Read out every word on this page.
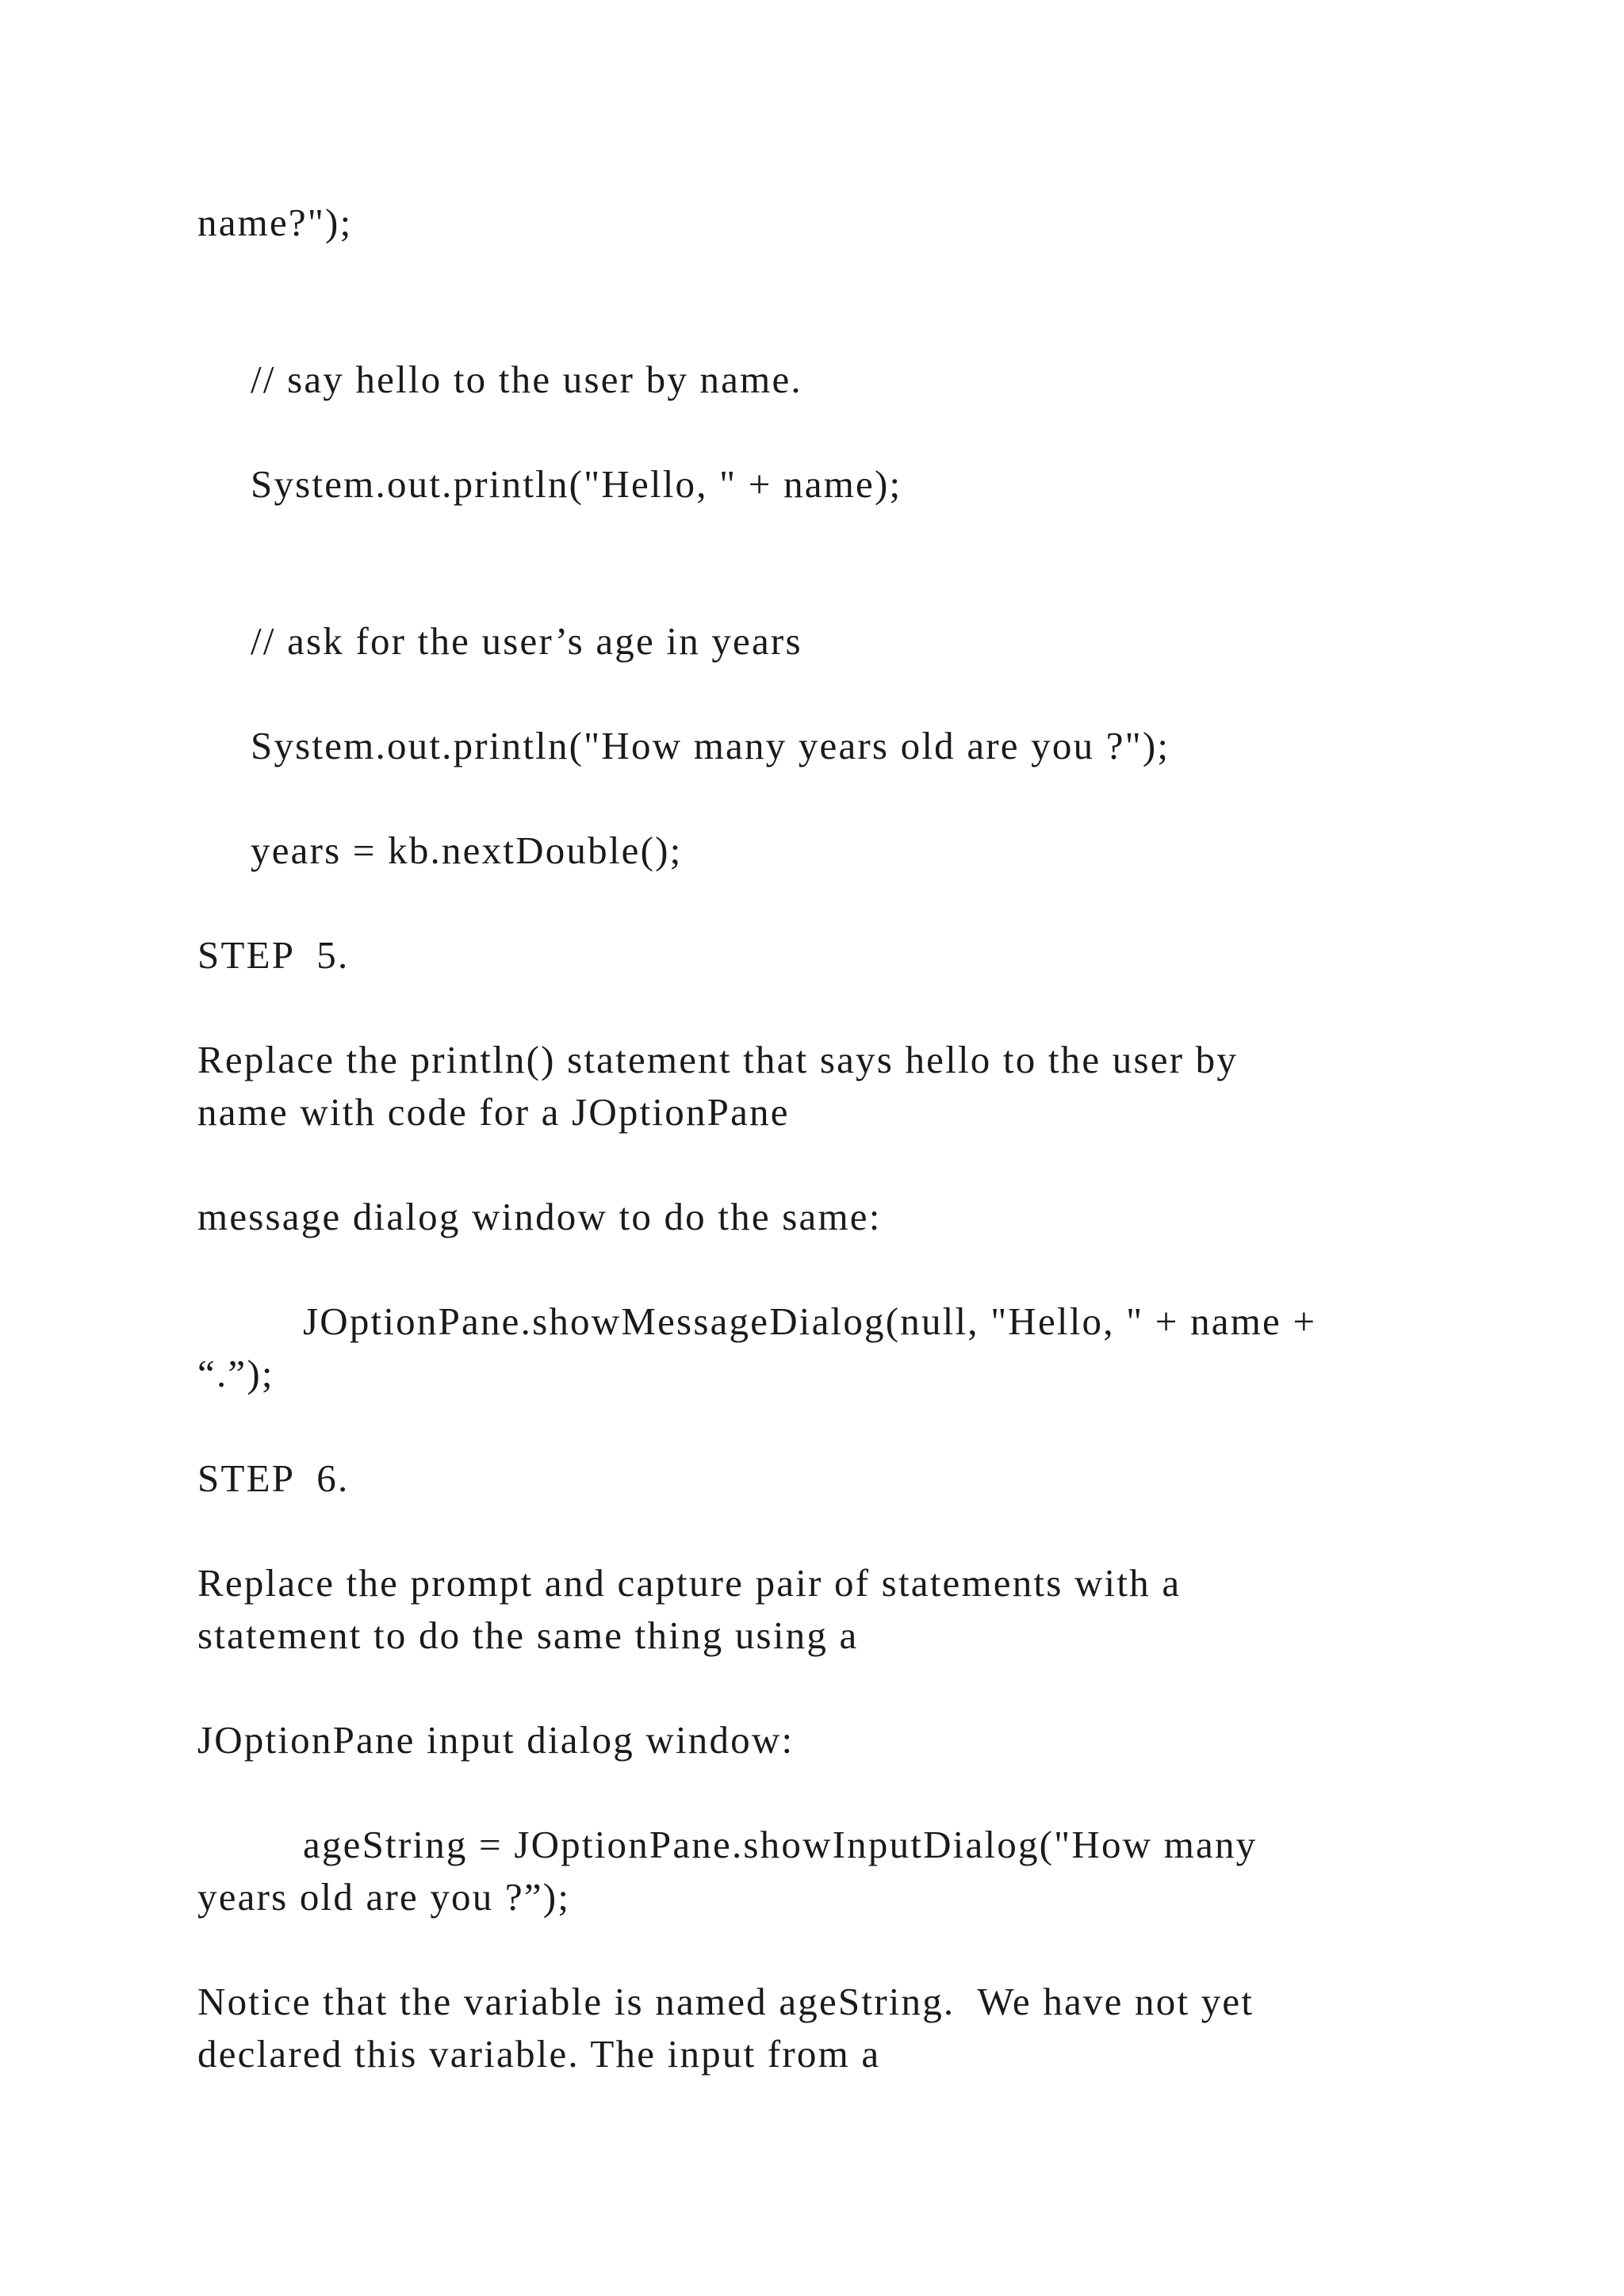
name?");

// say hello to the user by name.

System.out.println("Hello, " + name);

// ask for the user’s age in years

System.out.println("How many years old are you ?");

years = kb.nextDouble();

STEP  5.

Replace the println() statement that says hello to the user by

name with code for a JOptionPane

message dialog window to do the same:

JOptionPane.showMessageDialog(null, "Hello, " + name +

“.”);

STEP  6.

Replace the prompt and capture pair of statements with a

statement to do the same thing using a

JOptionPane input dialog window:

ageString = JOptionPane.showInputDialog("How many

years old are you ?”);

Notice that the variable is named ageString.  We have not yet

declared this variable. The input from a
